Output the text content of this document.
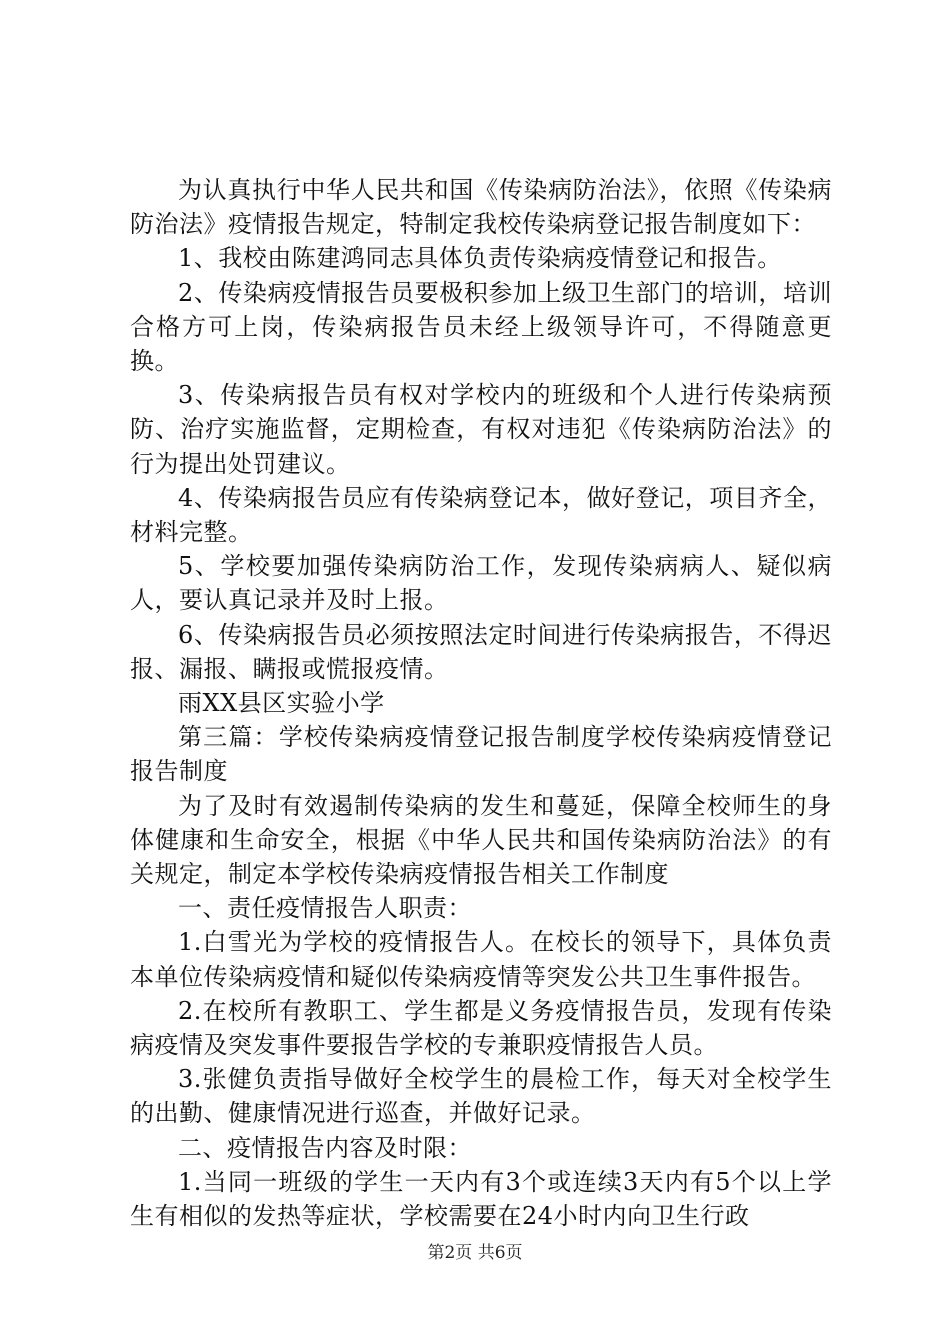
为认真执行中华人民共和国《传染病防治法》，依照《传染病防治法》疫情报告规定，特制定我校传染病登记报告制度如下：

1、我校由陈建鸿同志具体负责传染病疫情登记和报告。

2、传染病疫情报告员要极积参加上级卫生部门的培训，培训合格方可上岗，传染病报告员未经上级领导许可，不得随意更换。

3、传染病报告员有权对学校内的班级和个人进行传染病预防、治疗实施监督，定期检查，有权对违犯《传染病防治法》的行为提出处罚建议。

4、传染病报告员应有传染病登记本，做好登记，项目齐全，材料完整。

5、学校要加强传染病防治工作，发现传染病病人、疑似病人，要认真记录并及时上报。

6、传染病报告员必须按照法定时间进行传染病报告，不得迟报、漏报、瞒报或慌报疫情。

雨XX县区实验小学

第三篇：学校传染病疫情登记报告制度学校传染病疫情登记报告制度

为了及时有效遏制传染病的发生和蔓延，保障全校师生的身体健康和生命安全，根据《中华人民共和国传染病防治法》的有关规定，制定本学校传染病疫情报告相关工作制度

一、责任疫情报告人职责：

1.白雪光为学校的疫情报告人。在校长的领导下，具体负责本单位传染病疫情和疑似传染病疫情等突发公共卫生事件报告。

2.在校所有教职工、学生都是义务疫情报告员，发现有传染病疫情及突发事件要报告学校的专兼职疫情报告人员。

3.张健负责指导做好全校学生的晨检工作，每天对全校学生的出勤、健康情况进行巡查，并做好记录。

二、疫情报告内容及时限：

1.当同一班级的学生一天内有3个或连续3天内有5个以上学生有相似的发热等症状，学校需要在24小时内向卫生行政

第2页 共6页
